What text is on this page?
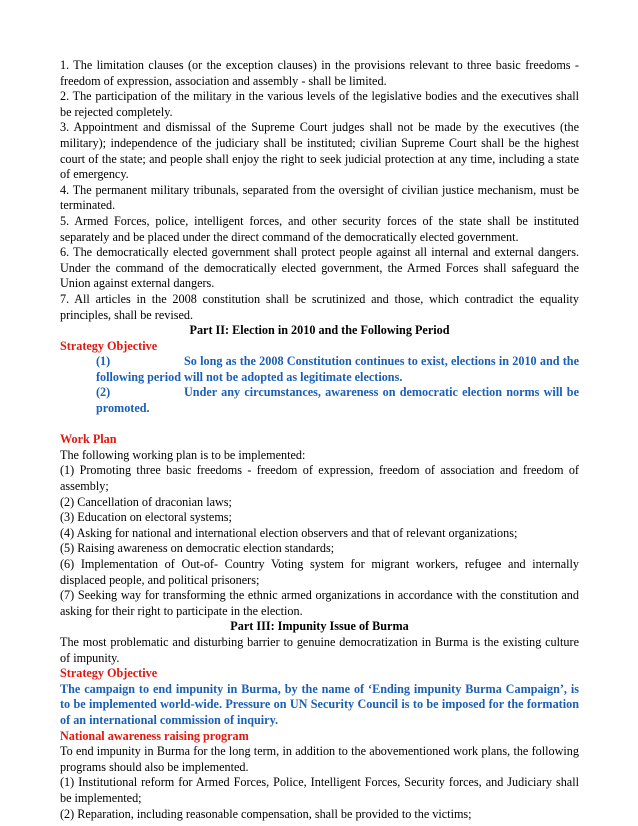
1. The limitation clauses (or the exception clauses) in the provisions relevant to three basic freedoms - freedom of expression, association and assembly - shall be limited.

2. The participation of the military in the various levels of the legislative bodies and the executives shall be rejected completely.

3. Appointment and dismissal of the Supreme Court judges shall not be made by the executives (the military); independence of the judiciary shall be instituted; civilian Supreme Court shall be the highest court of the state; and people shall enjoy the right to seek judicial protection at any time, including a state of emergency.

4. The permanent military tribunals, separated from the oversight of civilian justice mechanism, must be terminated.

5. Armed Forces, police, intelligent forces, and other security forces of the state shall be instituted separately and be placed under the direct command of the democratically elected government.

6. The democratically elected government shall protect people against all internal and external dangers. Under the command of the democratically elected government, the Armed Forces shall safeguard the Union against external dangers.

7. All articles in the 2008 constitution shall be scrutinized and those, which contradict the equality principles, shall be revised.

Part II: Election in 2010 and the Following Period

Strategy Objective

(1)	So long as the 2008 Constitution continues to exist, elections in 2010 and the following period will not be adopted as legitimate elections.

(2)	Under any circumstances, awareness on democratic election norms will be promoted.

Work Plan

The following working plan is to be implemented:

(1) Promoting three basic freedoms - freedom of expression, freedom of association and freedom of assembly;

(2) Cancellation of draconian laws;

(3) Education on electoral systems;

(4) Asking for national and international election observers and that of relevant organizations;

(5) Raising awareness on democratic election standards;

(6) Implementation of Out-of- Country Voting system for migrant workers, refugee and internally displaced people, and political prisoners;

(7) Seeking way for transforming the ethnic armed organizations in accordance with the constitution and asking for their right to participate in the election.

Part III: Impunity Issue of Burma

The most problematic and disturbing barrier to genuine democratization in Burma is the existing culture of impunity.

Strategy Objective

The campaign to end impunity in Burma, by the name of ‘Ending impunity Burma Campaign’, is to be implemented world-wide. Pressure on UN Security Council is to be imposed for the formation of an international commission of inquiry.

National awareness raising program

To end impunity in Burma for the long term, in addition to the abovementioned work plans, the following programs should also be implemented.

(1) Institutional reform for Armed Forces, Police, Intelligent Forces, Security forces, and Judiciary shall be implemented;

(2) Reparation, including reasonable compensation, shall be provided to the victims;
